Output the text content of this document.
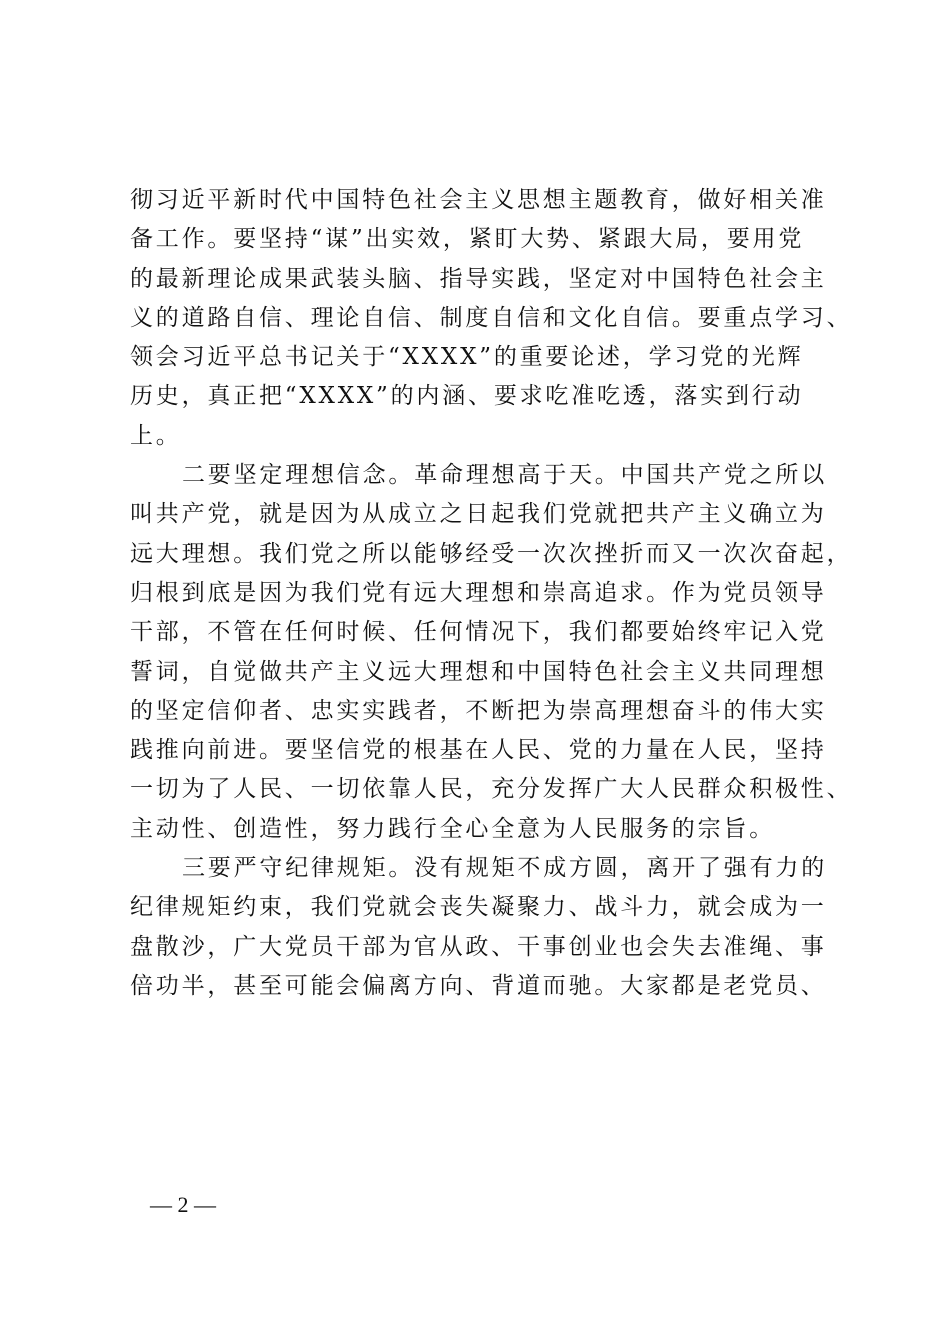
彻习近平新时代中国特色社会主义思想主题教育，做好相关准
备工作。要坚持“谋”出实效，紧盯大势、紧跟大局，要用党
的最新理论成果武装头脑、指导实践，坚定对中国特色社会主
义的道路自信、理论自信、制度自信和文化自信。要重点学习、
领会习近平总书记关于“XXXX”的重要论述，学习党的光辉
历史，真正把“XXXX”的内涵、要求吃准吃透，落实到行动
上。
二要坚定理想信念。革命理想高于天。中国共产党之所以
叫共产党，就是因为从成立之日起我们党就把共产主义确立为
远大理想。我们党之所以能够经受一次次挫折而又一次次奋起，
归根到底是因为我们党有远大理想和崇高追求。作为党员领导
干部，不管在任何时候、任何情况下，我们都要始终牢记入党
誓词，自觉做共产主义远大理想和中国特色社会主义共同理想
的坚定信仰者、忠实实践者，不断把为崇高理想奋斗的伟大实
践推向前进。要坚信党的根基在人民、党的力量在人民，坚持
一切为了人民、一切依靠人民，充分发挥广大人民群众积极性、
主动性、创造性，努力践行全心全意为人民服务的宗旨。
三要严守纪律规矩。没有规矩不成方圆，离开了强有力的
纪律规矩约束，我们党就会丧失凝聚力、战斗力，就会成为一
盘散沙，广大党员干部为官从政、干事创业也会失去准绳、事
倍功半，甚至可能会偏离方向、背道而驰。大家都是老党员、
— 2 —
